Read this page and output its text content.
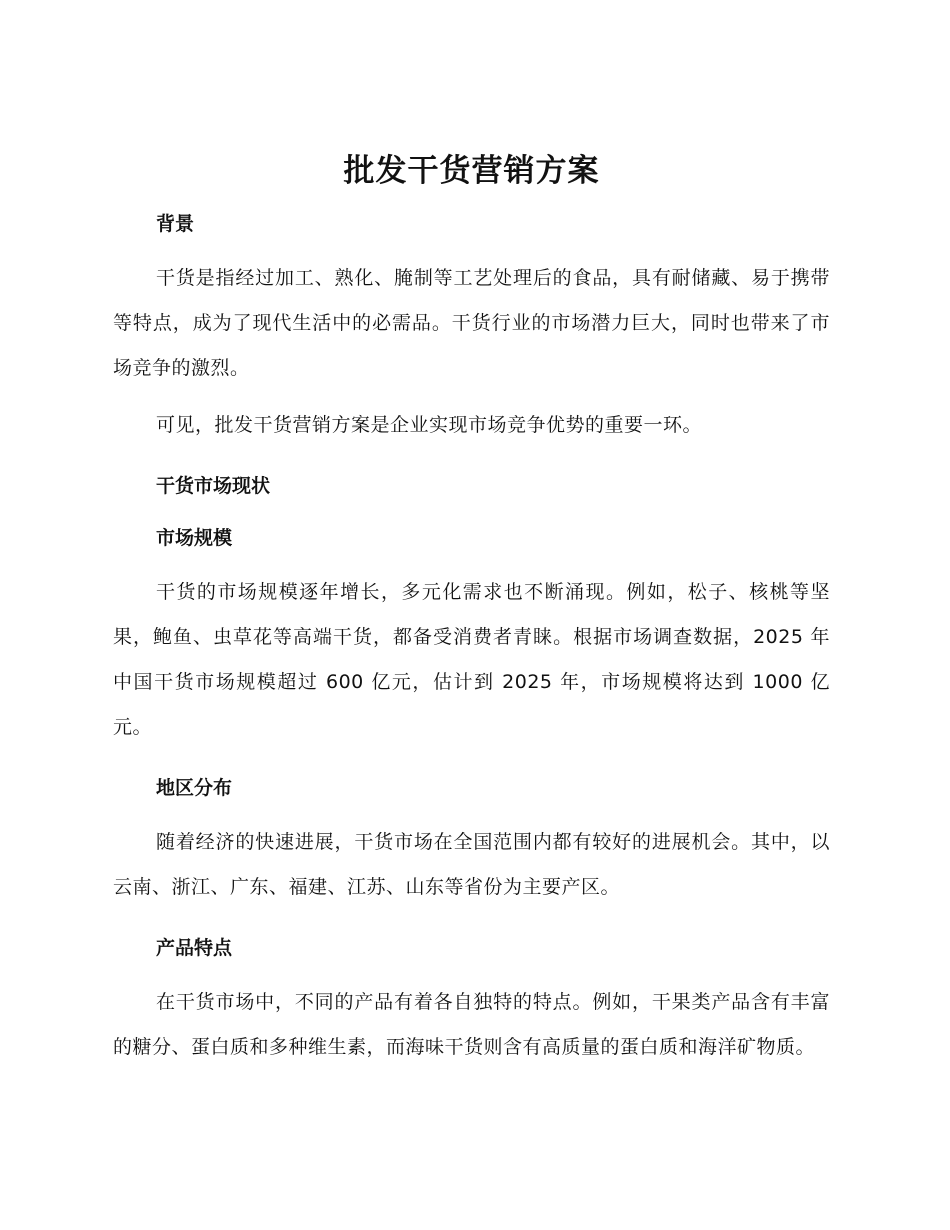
批发干货营销方案
背景

干货是指经过加工、熟化、腌制等工艺处理后的食品，具有耐储藏、易于携带等特点，成为了现代生活中的必需品。干货行业的市场潜力巨大，同时也带来了市场竞争的激烈。

可见，批发干货营销方案是企业实现市场竞争优势的重要一环。

干货市场现状
市场规模

干货的市场规模逐年增长，多元化需求也不断涌现。例如，松子、核桃等坚果，鲍鱼、虫草花等高端干货，都备受消费者青睐。根据市场调查数据，2025 年中国干货市场规模超过 600 亿元，估计到 2025 年，市场规模将达到 1000 亿元。

地区分布

随着经济的快速进展，干货市场在全国范围内都有较好的进展机会。其中，以云南、浙江、广东、福建、江苏、山东等省份为主要产区。

产品特点

在干货市场中，不同的产品有着各自独特的特点。例如，干果类产品含有丰富的糖分、蛋白质和多种维生素，而海味干货则含有高质量的蛋白质和海洋矿物质。
